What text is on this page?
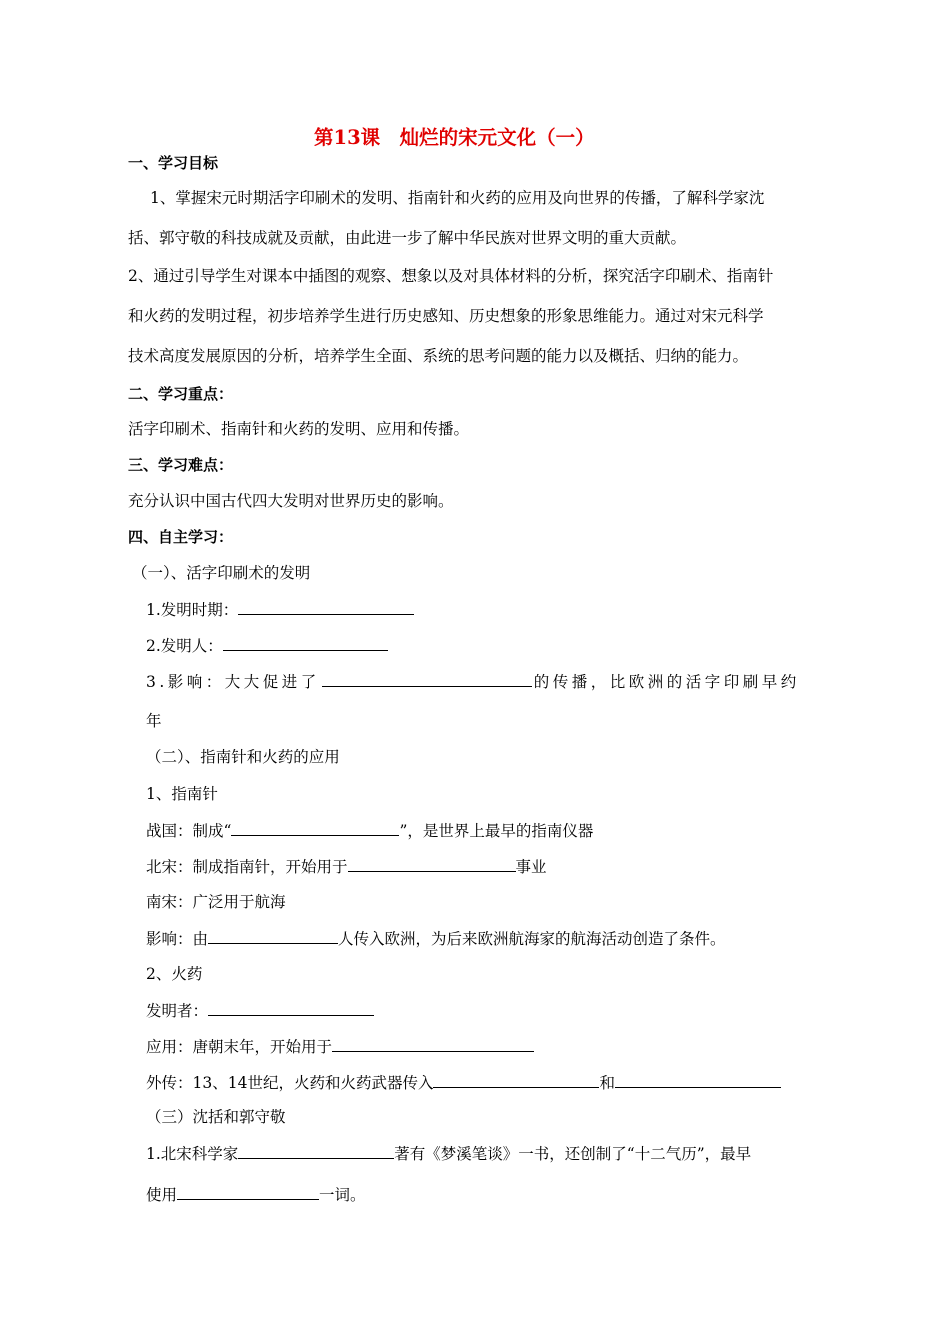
第13课　灿烂的宋元文化（一）
一、学习目标
1、掌握宋元时期活字印刷术的发明、指南针和火药的应用及向世界的传播，了解科学家沈
括、郭守敬的科技成就及贡献，由此进一步了解中华民族对世界文明的重大贡献。
2、通过引导学生对课本中插图的观察、想象以及对具体材料的分析，探究活字印刷术、指南针
和火药的发明过程，初步培养学生进行历史感知、历史想象的形象思维能力。通过对宋元科学
技术高度发展原因的分析，培养学生全面、系统的思考问题的能力以及概括、归纳的能力。
二、学习重点：
活字印刷术、指南针和火药的发明、应用和传播。
三、学习难点：
充分认识中国古代四大发明对世界历史的影响。
四、自主学习：
（一）、活字印刷术的发明
1.发明时期：
2.发明人：
3.影响：大大促进了	的传播，比欧洲的活字印刷早约
年
（二）、指南针和火药的应用
1、指南针
战国：制成“	”，是世界上最早的指南仪器
北宋：制成指南针，开始用于	事业
南宋：广泛用于航海
影响：由	人传入欧洲，为后来欧洲航海家的航海活动创造了条件。
2、火药
发明者：
应用：唐朝末年，开始用于
外传：13、14世纪，火药和火药武器传入	和
（三）沈括和郭守敬
1.北宋科学家	著有《梦溪笔谈》一书，还创制了“十二气历”，最早
使用	一词。
